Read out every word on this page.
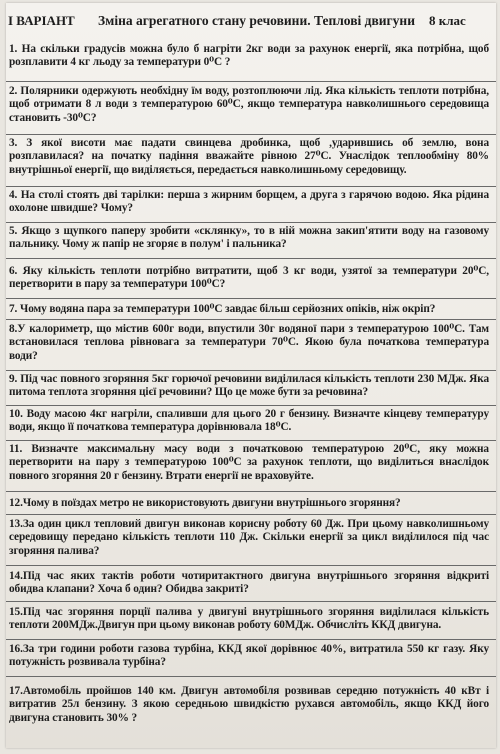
І ВАРІАНТ Зміна агрегатного стану речовини. Теплові двигуни 8 клас
1. На скільки градусів можна було б нагріти 2кг води за рахунок енергії, яка потрібна, щоб розплавити 4 кг льоду за температури 0⁰С ?
2. Полярники одержують необхідну їм воду, розтоплюючи лід. Яка кількість теплоти потрібна, щоб отримати 8 л води з температурою 60⁰С, якщо температура навколишнього середовища становить -30⁰С?
3. З якої висоти має падати свинцева дробинка, щоб ,ударившись об землю, вона розплавилася? на початку падіння вважайте рівною 27⁰С. Унаслідок теплообміну 80% внутрішньої енергії, що виділяється, передається навколишньому середовищу.
4. На столі стоять дві тарілки: перша з жирним борщем, а друга з гарячою водою. Яка рідина охолоне швидше? Чому?
5. Якщо з щупкого паперу зробити «склянку», то в ній можна закип'ятити воду на газовому пальнику. Чому ж папір не згоряє в полум' і пальника?
6. Яку кількість теплоти потрібно витратити, щоб 3 кг води, узятої за температури 20⁰С, перетворити в пару за температури 100⁰С?
7. Чому водяна пара за температури 100⁰С завдає більш серйозних опіків, ніж окріп?
8.У калориметр, що містив 600г води, впустили 30г водяної пари з температурою 100⁰С. Там встановилася теплова рівновага за температури 70⁰С. Якою була початкова температура води?
9. Під час повного згоряння 5кг горючої речовини виділилася кількість теплоти 230 МДж. Яка питома теплота згоряння цієї речовини? Що це може бути за речовина?
10. Воду масою 4кг нагріли, спаливши для цього 20 г бензину. Визначте кінцеву температуру води, якщо її початкова температура дорівнювала 18⁰С.
11. Визначте максимальну масу води з початковою температурою 20⁰С, яку можна перетворити на пару з температурою 100⁰С за рахунок теплоти, що виділиться внаслідок повного згоряння 20 г бензину. Втрати енергії не враховуйте.
12.Чому в поїздах метро не використовують двигуни внутрішнього згоряння?
13.За один цикл тепловий двигун виконав корисну роботу 60 Дж. При цьому навколишньому середовищу передано кількість теплоти 110 Дж. Скільки енергії за цикл виділилося під час згоряння палива?
14.Під час яких тактів роботи чотиритактного двигуна внутрішнього згоряння відкриті обидва клапани? Хоча б один? Обидва закриті?
15.Під час згоряння порції палива у двигуні внутрішнього згоряння виділилася кількість теплоти 200МДж.Двигун при цьому виконав роботу 60МДж. Обчисліть ККД двигуна.
16.За три години роботи газова турбіна, ККД якої дорівнює 40%, витратила 550 кг газу. Яку потужність розвивала турбіна?
17.Автомобіль пройшов 140 км. Двигун автомобіля розвивав середню потужність 40 кВт і витратив 25л бензину. З якою середньою швидкістю рухався автомобіль, якщо ККД його двигуна становить 30% ?
